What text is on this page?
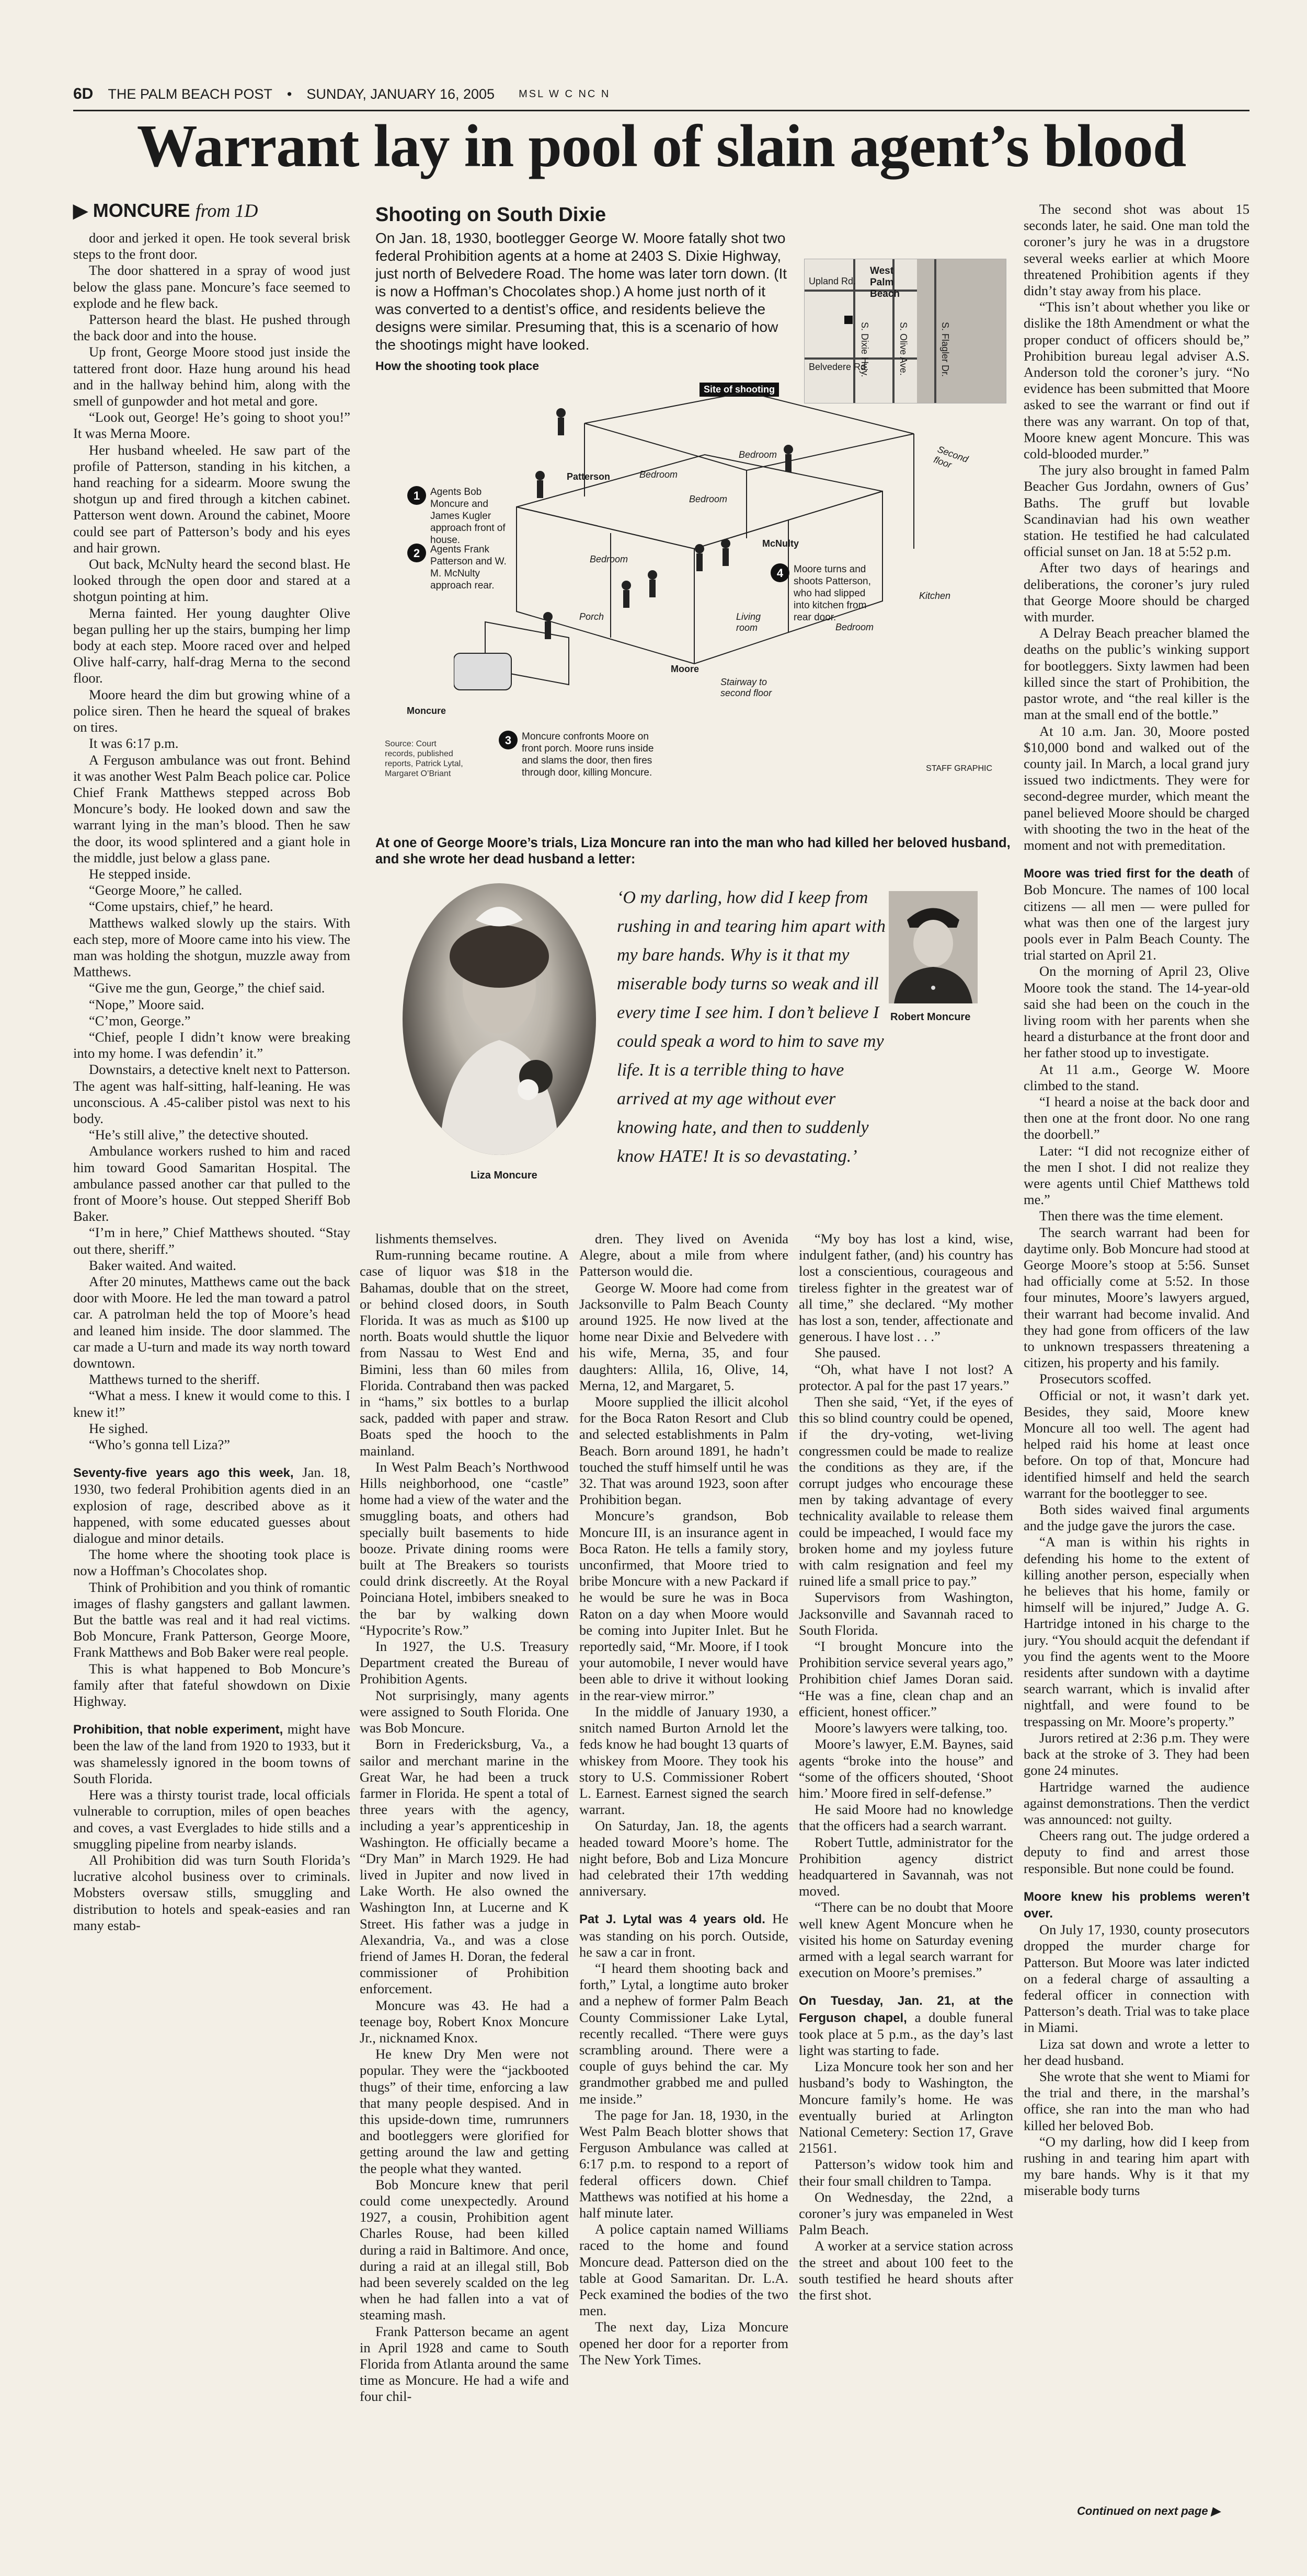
6D THE PALM BEACH POST • SUNDAY, JANUARY 16, 2005 MSL W C NC N
Warrant lay in pool of slain agent’s blood
▶ MONCURE from 1D

door and jerked it open. He took several brisk steps to the front door.

The door shattered in a spray of wood just below the glass pane. Moncure’s face seemed to explode and he flew back.

Patterson heard the blast. He pushed through the back door and into the house.

Up front, George Moore stood just inside the tattered front door. Haze hung around his head and in the hallway behind him, along with the smell of gunpowder and hot metal and gore.

“Look out, George! He’s going to shoot you!” It was Merna Moore.

Her husband wheeled. He saw part of the profile of Patterson, standing in his kitchen, a hand reaching for a sidearm. Moore swung the shotgun up and fired through a kitchen cabinet. Patterson went down. Around the cabinet, Moore could see part of Patterson’s body and his eyes and hair grown.

Out back, McNulty heard the second blast. He looked through the open door and stared at a shotgun pointing at him.

Merna fainted. Her young daughter Olive began pulling her up the stairs, bumping her limp body at each step. Moore raced over and helped Olive half-carry, half-drag Merna to the second floor.

Moore heard the dim but growing whine of a police siren. Then he heard the squeal of brakes on tires.

It was 6:17 p.m.

A Ferguson ambulance was out front. Behind it was another West Palm Beach police car. Police Chief Frank Matthews stepped across Bob Moncure’s body. He looked down and saw the warrant lying in the man’s blood. Then he saw the door, its wood splintered and a giant hole in the middle, just below a glass pane.

He stepped inside.

“George Moore,” he called.

“Come upstairs, chief,” he heard.

Matthews walked slowly up the stairs. With each step, more of Moore came into his view. The man was holding the shotgun, muzzle away from Matthews.

“Give me the gun, George,” the chief said.

“Nope,” Moore said.

“C’mon, George.”

“Chief, people I didn’t know were breaking into my home. I was defendin’ it.”

Downstairs, a detective knelt next to Patterson. The agent was half-sitting, half-leaning. He was unconscious. A .45-caliber pistol was next to his body.

“He’s still alive,” the detective shouted.

Ambulance workers rushed to him and raced him toward Good Samaritan Hospital. The ambulance passed another car that pulled to the front of Moore’s house. Out stepped Sheriff Bob Baker.

“I’m in here,” Chief Matthews shouted. “Stay out there, sheriff.”

Baker waited. And waited.

After 20 minutes, Matthews came out the back door with Moore. He led the man toward a patrol car. A patrolman held the top of Moore’s head and leaned him inside. The door slammed. The car made a U-turn and made its way north toward downtown.

Matthews turned to the sheriff.

“What a mess. I knew it would come to this. I knew it!”

He sighed.

“Who’s gonna tell Liza?”

Seventy-five years ago this week, Jan. 18, 1930, two federal Prohibition agents died in an explosion of rage, described above as it happened, with some educated guesses about dialogue and minor details.

The home where the shooting took place is now a Hoffman’s Chocolates shop.

Think of Prohibition and you think of romantic images of flashy gangsters and gallant lawmen. But the battle was real and it had real victims. Bob Moncure, Frank Patterson, George Moore, Frank Matthews and Bob Baker were real people.

This is what happened to Bob Moncure’s family after that fateful showdown on Dixie Highway.

Prohibition, that noble experiment, might have been the law of the land from 1920 to 1933, but it was shamelessly ignored in the boom towns of South Florida.

Here was a thirsty tourist trade, local officials vulnerable to corruption, miles of open beaches and coves, a vast Everglades to hide stills and a smuggling pipeline from nearby islands.

All Prohibition did was turn South Florida’s lucrative alcohol business over to criminals. Mobsters oversaw stills, smuggling and distribution to hotels and speak-easies and ran many estab-

lishments themselves.

Rum-running became routine. A case of liquor was $18 in the Bahamas, double that on the street, or behind closed doors, in South Florida. It was as much as $100 up north. Boats would shuttle the liquor from Nassau to West End and Bimini, less than 60 miles from Florida. Contraband then was packed in “hams,” six bottles to a burlap sack, padded with paper and straw. Boats sped the hooch to the mainland.

In West Palm Beach’s Northwood Hills neighborhood, one “castle” home had a view of the water and the smuggling boats, and others had specially built basements to hide booze. Private dining rooms were built at The Breakers so tourists could drink discreetly. At the Royal Poinciana Hotel, imbibers sneaked to the bar by walking down “Hypocrite’s Row.”

In 1927, the U.S. Treasury Department created the Bureau of Prohibition Agents.

Not surprisingly, many agents were assigned to South Florida. One was Bob Moncure.

Born in Fredericksburg, Va., a sailor and merchant marine in the Great War, he had been a truck farmer in Florida. He spent a total of three years with the agency, including a year’s apprenticeship in Washington. He officially became a “Dry Man” in March 1929. He had lived in Jupiter and now lived in Lake Worth. He also owned the Washington Inn, at Lucerne and K Street. His father was a judge in Alexandria, Va., and was a close friend of James H. Doran, the federal commissioner of Prohibition enforcement.

Moncure was 43. He had a teenage boy, Robert Knox Moncure Jr., nicknamed Knox.

He knew Dry Men were not popular. They were the “jackbooted thugs” of their time, enforcing a law that many people despised. And in this upside-down time, rumrunners and bootleggers were glorified for getting around the law and getting the people what they wanted.

Bob Moncure knew that peril could come unexpectedly. Around 1927, a cousin, Prohibition agent Charles Rouse, had been killed during a raid in Baltimore. And once, during a raid at an illegal still, Bob had been severely scalded on the leg when he had fallen into a vat of steaming mash.

Frank Patterson became an agent in April 1928 and came to South Florida from Atlanta around the same time as Moncure. He had a wife and four chil-

dren. They lived on Avenida Alegre, about a mile from where Patterson would die.

George W. Moore had come from Jacksonville to Palm Beach County around 1925. He now lived at the home near Dixie and Belvedere with his wife, Merna, 35, and four daughters: Allila, 16, Olive, 14, Merna, 12, and Margaret, 5.

Moore supplied the illicit alcohol for the Boca Raton Resort and Club and selected establishments in Palm Beach. Born around 1891, he hadn’t touched the stuff himself until he was 32. That was around 1923, soon after Prohibition began.

Moncure’s grandson, Bob Moncure III, is an insurance agent in Boca Raton. He tells a family story, unconfirmed, that Moore tried to bribe Moncure with a new Packard if he would be sure he was in Boca Raton on a day when Moore would be coming into Jupiter Inlet. But he reportedly said, “Mr. Moore, if I took your automobile, I never would have been able to drive it without looking in the rear-view mirror.”

In the middle of January 1930, a snitch named Burton Arnold let the feds know he had bought 13 quarts of whiskey from Moore. They took his story to U.S. Commissioner Robert L. Earnest. Earnest signed the search warrant.

On Saturday, Jan. 18, the agents headed toward Moore’s home. The night before, Bob and Liza Moncure had celebrated their 17th wedding anniversary.

Pat J. Lytal was 4 years old. He was standing on his porch. Outside, he saw a car in front.

“I heard them shooting back and forth,” Lytal, a longtime auto broker and a nephew of former Palm Beach County Commissioner Lake Lytal, recently recalled. “There were guys scrambling around. There were a couple of guys behind the car. My grandmother grabbed me and pulled me inside.”

The page for Jan. 18, 1930, in the West Palm Beach blotter shows that Ferguson Ambulance was called at 6:17 p.m. to respond to a report of federal officers down. Chief Matthews was notified at his home a half minute later.

A police captain named Williams raced to the home and found Moncure dead. Patterson died on the table at Good Samaritan. Dr. L.A. Peck examined the bodies of the two men.

The next day, Liza Moncure opened her door for a reporter from The New York Times.

“My boy has lost a kind, wise, indulgent father, (and) his country has lost a conscientious, courageous and tireless fighter in the greatest war of all time,” she declared. “My mother has lost a son, tender, affectionate and generous. I have lost . . .”

She paused.

“Oh, what have I not lost? A protector. A pal for the past 17 years.”

Then she said, “Yet, if the eyes of this so blind country could be opened, if the dry-voting, wet-living congressmen could be made to realize the conditions as they are, if the corrupt judges who encourage these men by taking advantage of every technicality available to release them could be impeached, I would face my broken home and my joyless future with calm resignation and feel my ruined life a small price to pay.”

Supervisors from Washington, Jacksonville and Savannah raced to South Florida.

“I brought Moncure into the Prohibition service several years ago,” Prohibition chief James Doran said. “He was a fine, clean chap and an efficient, honest officer.”

Moore’s lawyers were talking, too.

Moore’s lawyer, E.M. Baynes, said agents “broke into the house” and “some of the officers shouted, ‘Shoot him.’ Moore fired in self-defense.”

He said Moore had no knowledge that the officers had a search warrant.

Robert Tuttle, administrator for the Prohibition agency district headquartered in Savannah, was not moved.

“There can be no doubt that Moore well knew Agent Moncure when he visited his home on Saturday evening armed with a legal search warrant for execution on Moore’s premises.”

On Tuesday, Jan. 21, at the Ferguson chapel, a double funeral took place at 5 p.m., as the day’s last light was starting to fade.

Liza Moncure took her son and her husband’s body to Washington, the Moncure family’s home. He was eventually buried at Arlington National Cemetery: Section 17, Grave 21561.

Patterson’s widow took him and their four small children to Tampa.

On Wednesday, the 22nd, a coroner’s jury was empaneled in West Palm Beach.

A worker at a service station across the street and about 100 feet to the south testified he heard shouts after the first shot.

The second shot was about 15 seconds later, he said. One man told the coroner’s jury he was in a drugstore several weeks earlier at which Moore threatened Prohibition agents if they didn’t stay away from his place.

“This isn’t about whether you like or dislike the 18th Amendment or what the proper conduct of officers should be,” Prohibition bureau legal adviser A.S. Anderson told the coroner’s jury. “No evidence has been submitted that Moore asked to see the warrant or find out if there was any warrant. On top of that, Moore knew agent Moncure. This was cold-blooded murder.”

The jury also brought in famed Palm Beacher Gus Jordahn, owners of Gus’ Baths. The gruff but lovable Scandinavian had his own weather station. He testified he had calculated official sunset on Jan. 18 at 5:52 p.m.

After two days of hearings and deliberations, the coroner’s jury ruled that George Moore should be charged with murder.

A Delray Beach preacher blamed the deaths on the public’s winking support for bootleggers. Sixty lawmen had been killed since the start of Prohibition, the pastor wrote, and “the real killer is the man at the small end of the bottle.”

At 10 a.m. Jan. 30, Moore posted $10,000 bond and walked out of the county jail. In March, a local grand jury issued two indictments. They were for second-degree murder, which meant the panel believed Moore should be charged with shooting the two in the heat of the moment and not with premeditation.

Moore was tried first for the death of Bob Moncure. The names of 100 local citizens — all men — were pulled for what was then one of the largest jury pools ever in Palm Beach County. The trial started on April 21.

On the morning of April 23, Olive Moore took the stand. The 14-year-old said she had been on the couch in the living room with her parents when she heard a disturbance at the front door and her father stood up to investigate.

At 11 a.m., George W. Moore climbed to the stand.

“I heard a noise at the back door and then one at the front door. No one rang the doorbell.”

Later: “I did not recognize either of the men I shot. I did not realize they were agents until Chief Matthews told me.”

Then there was the time element.

The search warrant had been for daytime only. Bob Moncure had stood at George Moore’s stoop at 5:56. Sunset had officially come at 5:52. In those four minutes, Moore’s lawyers argued, their warrant had become invalid. And they had gone from officers of the law to unknown trespassers threatening a citizen, his property and his family.

Prosecutors scoffed.

Official or not, it wasn’t dark yet. Besides, they said, Moore knew Moncure all too well. The agent had helped raid his home at least once before. On top of that, Moncure had identified himself and held the search warrant for the bootlegger to see.

Both sides waived final arguments and the judge gave the jurors the case.

“A man is within his rights in defending his home to the extent of killing another person, especially when he believes that his home, family or himself will be injured,” Judge A. G. Hartridge intoned in his charge to the jury. “You should acquit the defendant if you find the agents went to the Moore residents after sundown with a daytime search warrant, which is invalid after nightfall, and were found to be trespassing on Mr. Moore’s property.”

Jurors retired at 2:36 p.m. They were back at the stroke of 3. They had been gone 24 minutes.

Hartridge warned the audience against demonstrations. Then the verdict was announced: not guilty.

Cheers rang out. The judge ordered a deputy to find and arrest those responsible. But none could be found.

Moore knew his problems weren’t over.

On July 17, 1930, county prosecutors dropped the murder charge for Patterson. But Moore was later indicted on a federal charge of assaulting a federal officer in connection with Patterson’s death. Trial was to take place in Miami.

Liza sat down and wrote a letter to her dead husband.

She wrote that she went to Miami for the trial and there, in the marshal’s office, she ran into the man who had killed her beloved Bob.

“O my darling, how did I keep from rushing in and tearing him apart with my bare hands. Why is it that my miserable body turns

Shooting on South Dixie
On Jan. 18, 1930, bootlegger George W. Moore fatally shot two federal Prohibition agents at a home at 2403 S. Dixie Highway, just north of Belvedere Road. The home was later torn down. (It is now a Hoffman’s Chocolates shop.) A home just north of it was converted to a dentist’s office, and residents believe the designs were similar. Presuming that, this is a scenario of how the shootings might have looked.
How the shooting took place
Upland Rd.
West Palm Beach
Belvedere Rd.
S. Dixie Hwy.	S. Olive Ave.	S. Flagler Dr.
Site of shooting
1	Agents Bob Moncure and James Kugler approach front of house.
2	Agents Frank Patterson and W. M. McNulty approach rear.
3	Moncure confronts Moore on front porch. Moore runs inside and slams the door, then fires through door, killing Moncure.
4	Moore turns and shoots Patterson, who had slipped into kitchen from rear door.
Patterson	Bedroom
Bedroom
Bedroom
Bedroom
Bedroom
Second floor
McNulty
Kitchen
Porch	Living room
Moore
Moncure
Stairway to second floor
Source: Court records, published reports, Patrick Lytal, Margaret O’Briant
STAFF GRAPHIC
At one of George Moore’s trials, Liza Moncure ran into the man who had killed her beloved husband, and she wrote her dead husband a letter:
Liza Moncure
‘O my darling, how did I keep from rushing in and tearing him apart with my bare hands. Why is it that my miserable body turns so weak and ill every time I see him. I don’t believe I could speak a word to him to save my life. It is a terrible thing to have arrived at my age without ever knowing hate, and then to suddenly know HATE! It is so devastating.’
Robert Moncure
Continued on next page ▶
